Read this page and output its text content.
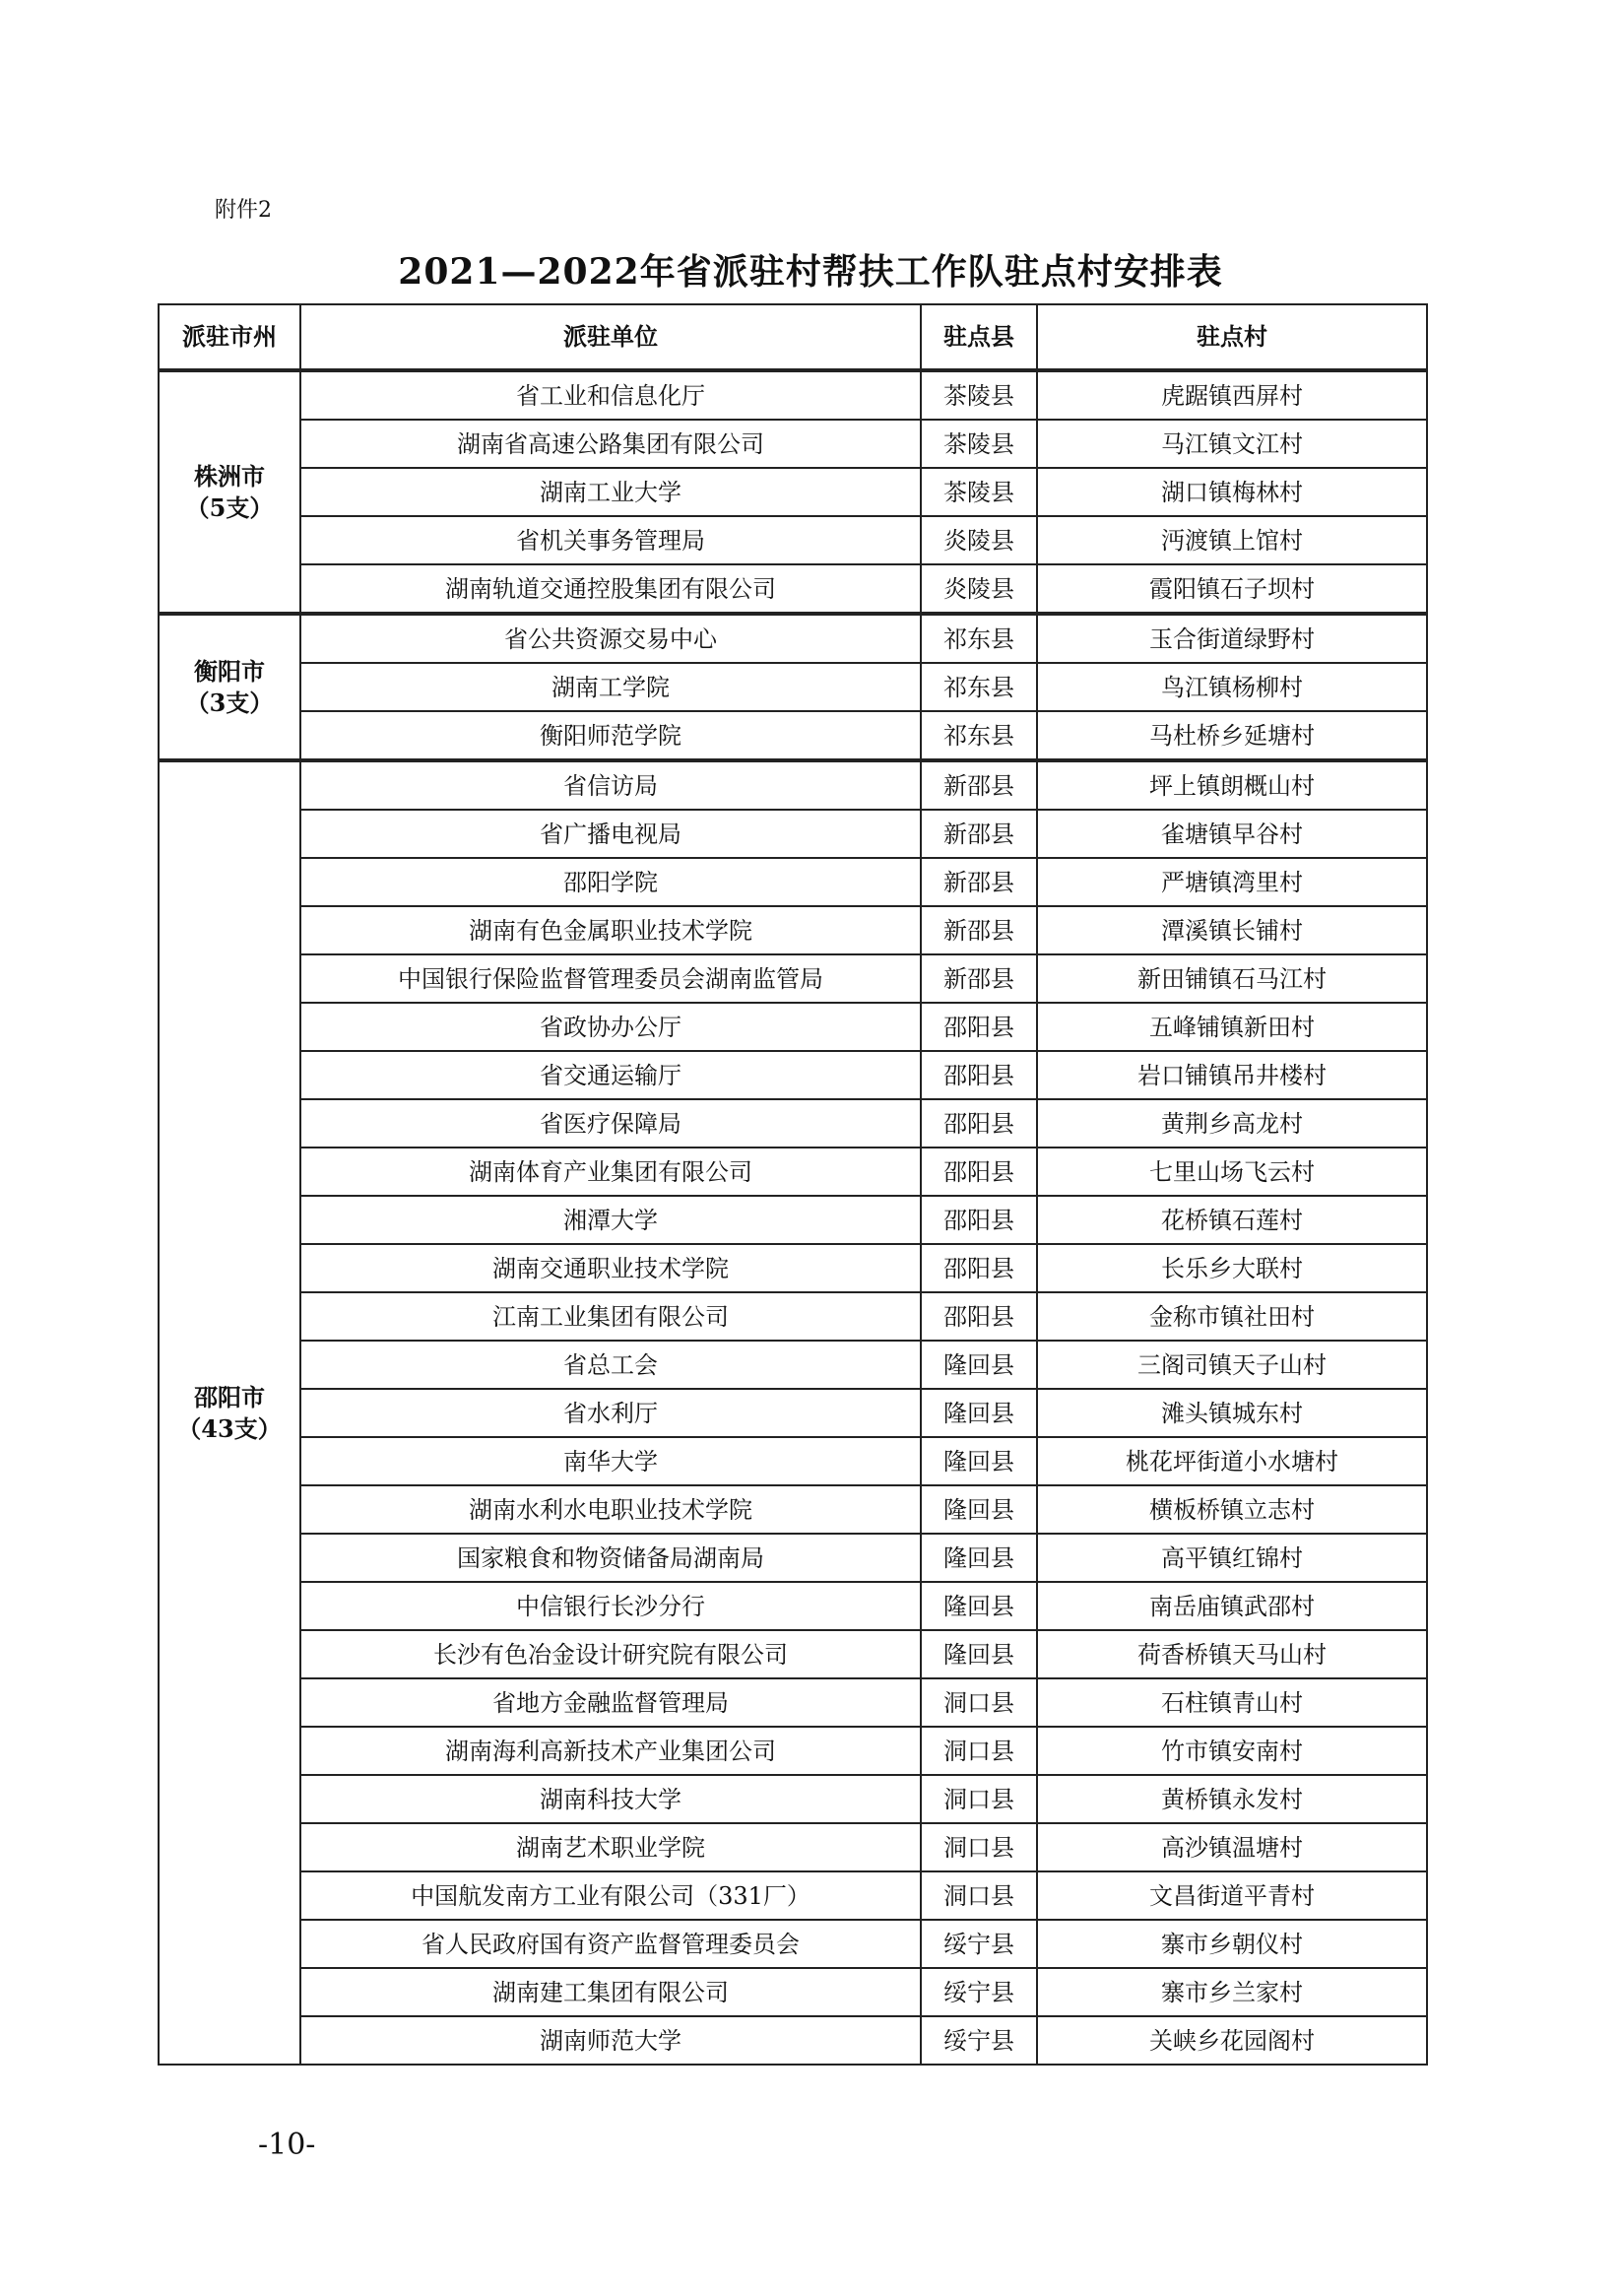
附件2
2021—2022年省派驻村帮扶工作队驻点村安排表
派驻市州	派驻单位	驻点县	驻点村

株洲市
（5支）	省工业和信息化厅	茶陵县	虎踞镇西屏村
	湖南省高速公路集团有限公司	茶陵县	马江镇文江村
	湖南工业大学	茶陵县	湖口镇梅林村
	省机关事务管理局	炎陵县	沔渡镇上馆村
	湖南轨道交通控股集团有限公司	炎陵县	霞阳镇石子坝村

衡阳市
（3支）	省公共资源交易中心	祁东县	玉合街道绿野村
	湖南工学院	祁东县	鸟江镇杨柳村
	衡阳师范学院	祁东县	马杜桥乡延塘村

邵阳市
（43支）	省信访局	新邵县	坪上镇朗概山村
	省广播电视局	新邵县	雀塘镇早谷村
	邵阳学院	新邵县	严塘镇湾里村
	湖南有色金属职业技术学院	新邵县	潭溪镇长铺村
	中国银行保险监督管理委员会湖南监管局	新邵县	新田铺镇石马江村
	省政协办公厅	邵阳县	五峰铺镇新田村
	省交通运输厅	邵阳县	岩口铺镇吊井楼村
	省医疗保障局	邵阳县	黄荆乡高龙村
	湖南体育产业集团有限公司	邵阳县	七里山场飞云村
	湘潭大学	邵阳县	花桥镇石莲村
	湖南交通职业技术学院	邵阳县	长乐乡大联村
	江南工业集团有限公司	邵阳县	金称市镇社田村
	省总工会	隆回县	三阁司镇天子山村
	省水利厅	隆回县	滩头镇城东村
	南华大学	隆回县	桃花坪街道小水塘村
	湖南水利水电职业技术学院	隆回县	横板桥镇立志村
	国家粮食和物资储备局湖南局	隆回县	高平镇红锦村
	中信银行长沙分行	隆回县	南岳庙镇武邵村
	长沙有色冶金设计研究院有限公司	隆回县	荷香桥镇天马山村
	省地方金融监督管理局	洞口县	石柱镇青山村
	湖南海利高新技术产业集团公司	洞口县	竹市镇安南村
	湖南科技大学	洞口县	黄桥镇永发村
	湖南艺术职业学院	洞口县	高沙镇温塘村
	中国航发南方工业有限公司（331厂）	洞口县	文昌街道平青村
	省人民政府国有资产监督管理委员会	绥宁县	寨市乡朝仪村
	湖南建工集团有限公司	绥宁县	寨市乡兰家村
	湖南师范大学	绥宁县	关峡乡花园阁村
-10-
